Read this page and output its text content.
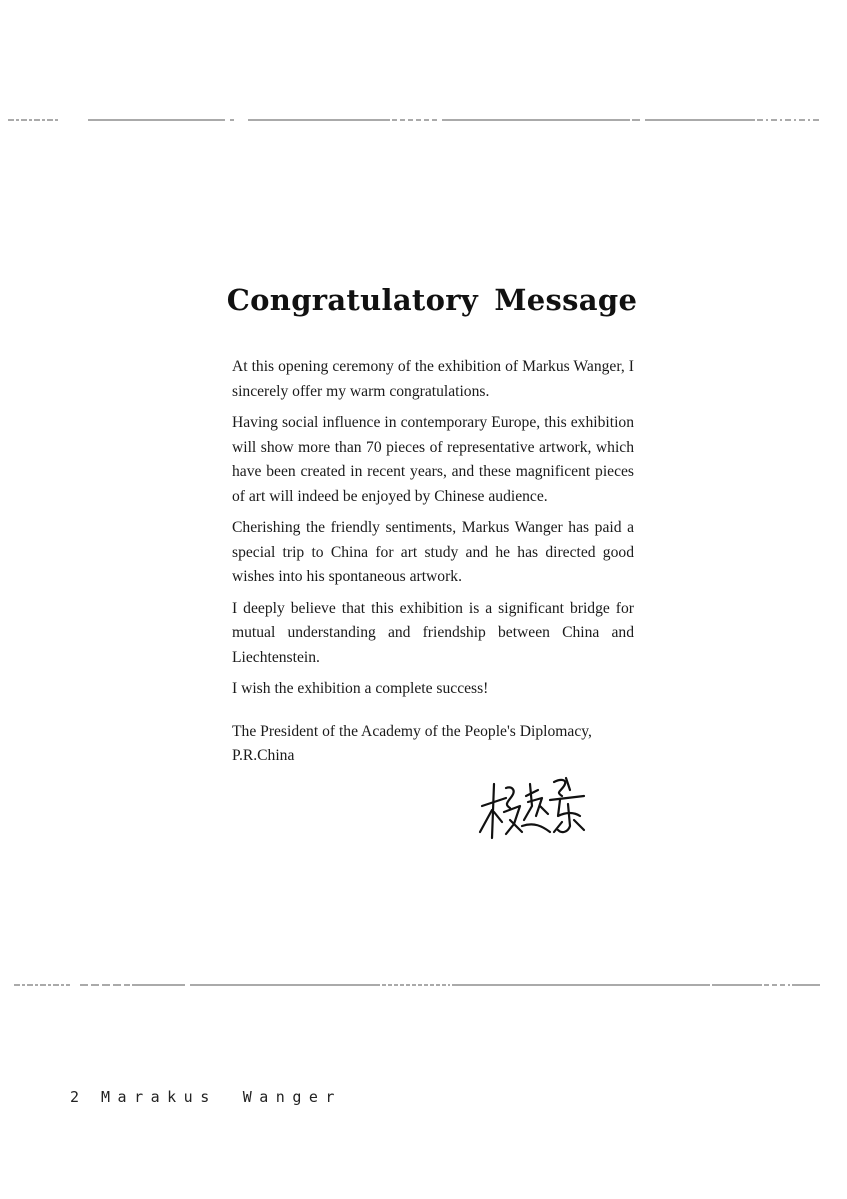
Congratulatory Message

At this opening ceremony of the exhibition of Markus Wanger, I sincerely offer my warm congratulations.

Having social influence in contemporary Europe, this exhibition will show more than 70 pieces of representative artwork, which have been created in recent years, and these magnificent pieces of art will indeed be enjoyed by Chinese audience.

Cherishing the friendly sentiments, Markus Wanger has paid a special trip to China for art study and he has directed good wishes into his spontaneous artwork.

I deeply believe that this exhibition is a significant bridge for mutual understanding and friendship between China and Liechtenstein.

I wish the exhibition a complete success!

The President of the Academy of the People's Diplomacy,
P.R.China
2 Marakus Wanger
